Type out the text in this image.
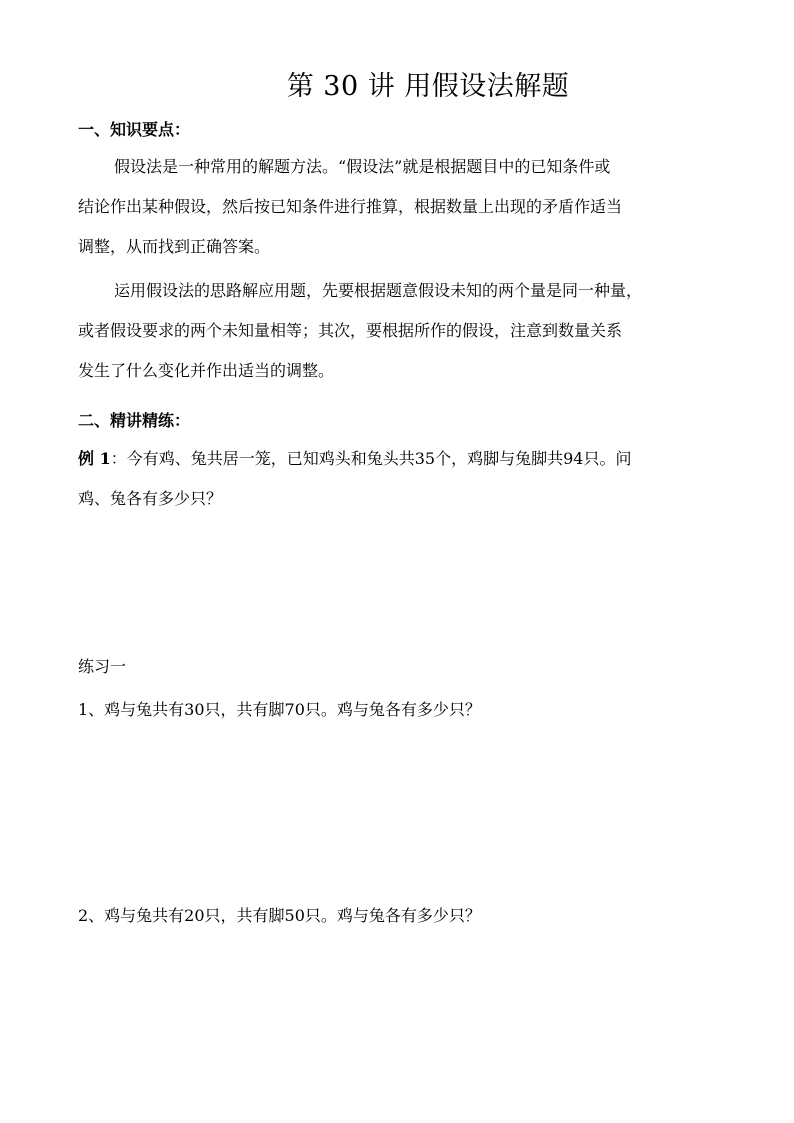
第 30 讲 用假设法解题
一、知识要点：
假设法是一种常用的解题方法。“假设法”就是根据题目中的已知条件或
结论作出某种假设，然后按已知条件进行推算，根据数量上出现的矛盾作适当
调整，从而找到正确答案。
运用假设法的思路解应用题，先要根据题意假设未知的两个量是同一种量，
或者假设要求的两个未知量相等；其次，要根据所作的假设，注意到数量关系
发生了什么变化并作出适当的调整。
二、精讲精练：
例 1：今有鸡、兔共居一笼，已知鸡头和兔头共35个，鸡脚与兔脚共94只。问
鸡、兔各有多少只？
练习一
1、鸡与兔共有30只，共有脚70只。鸡与兔各有多少只？
2、鸡与兔共有20只，共有脚50只。鸡与兔各有多少只？
